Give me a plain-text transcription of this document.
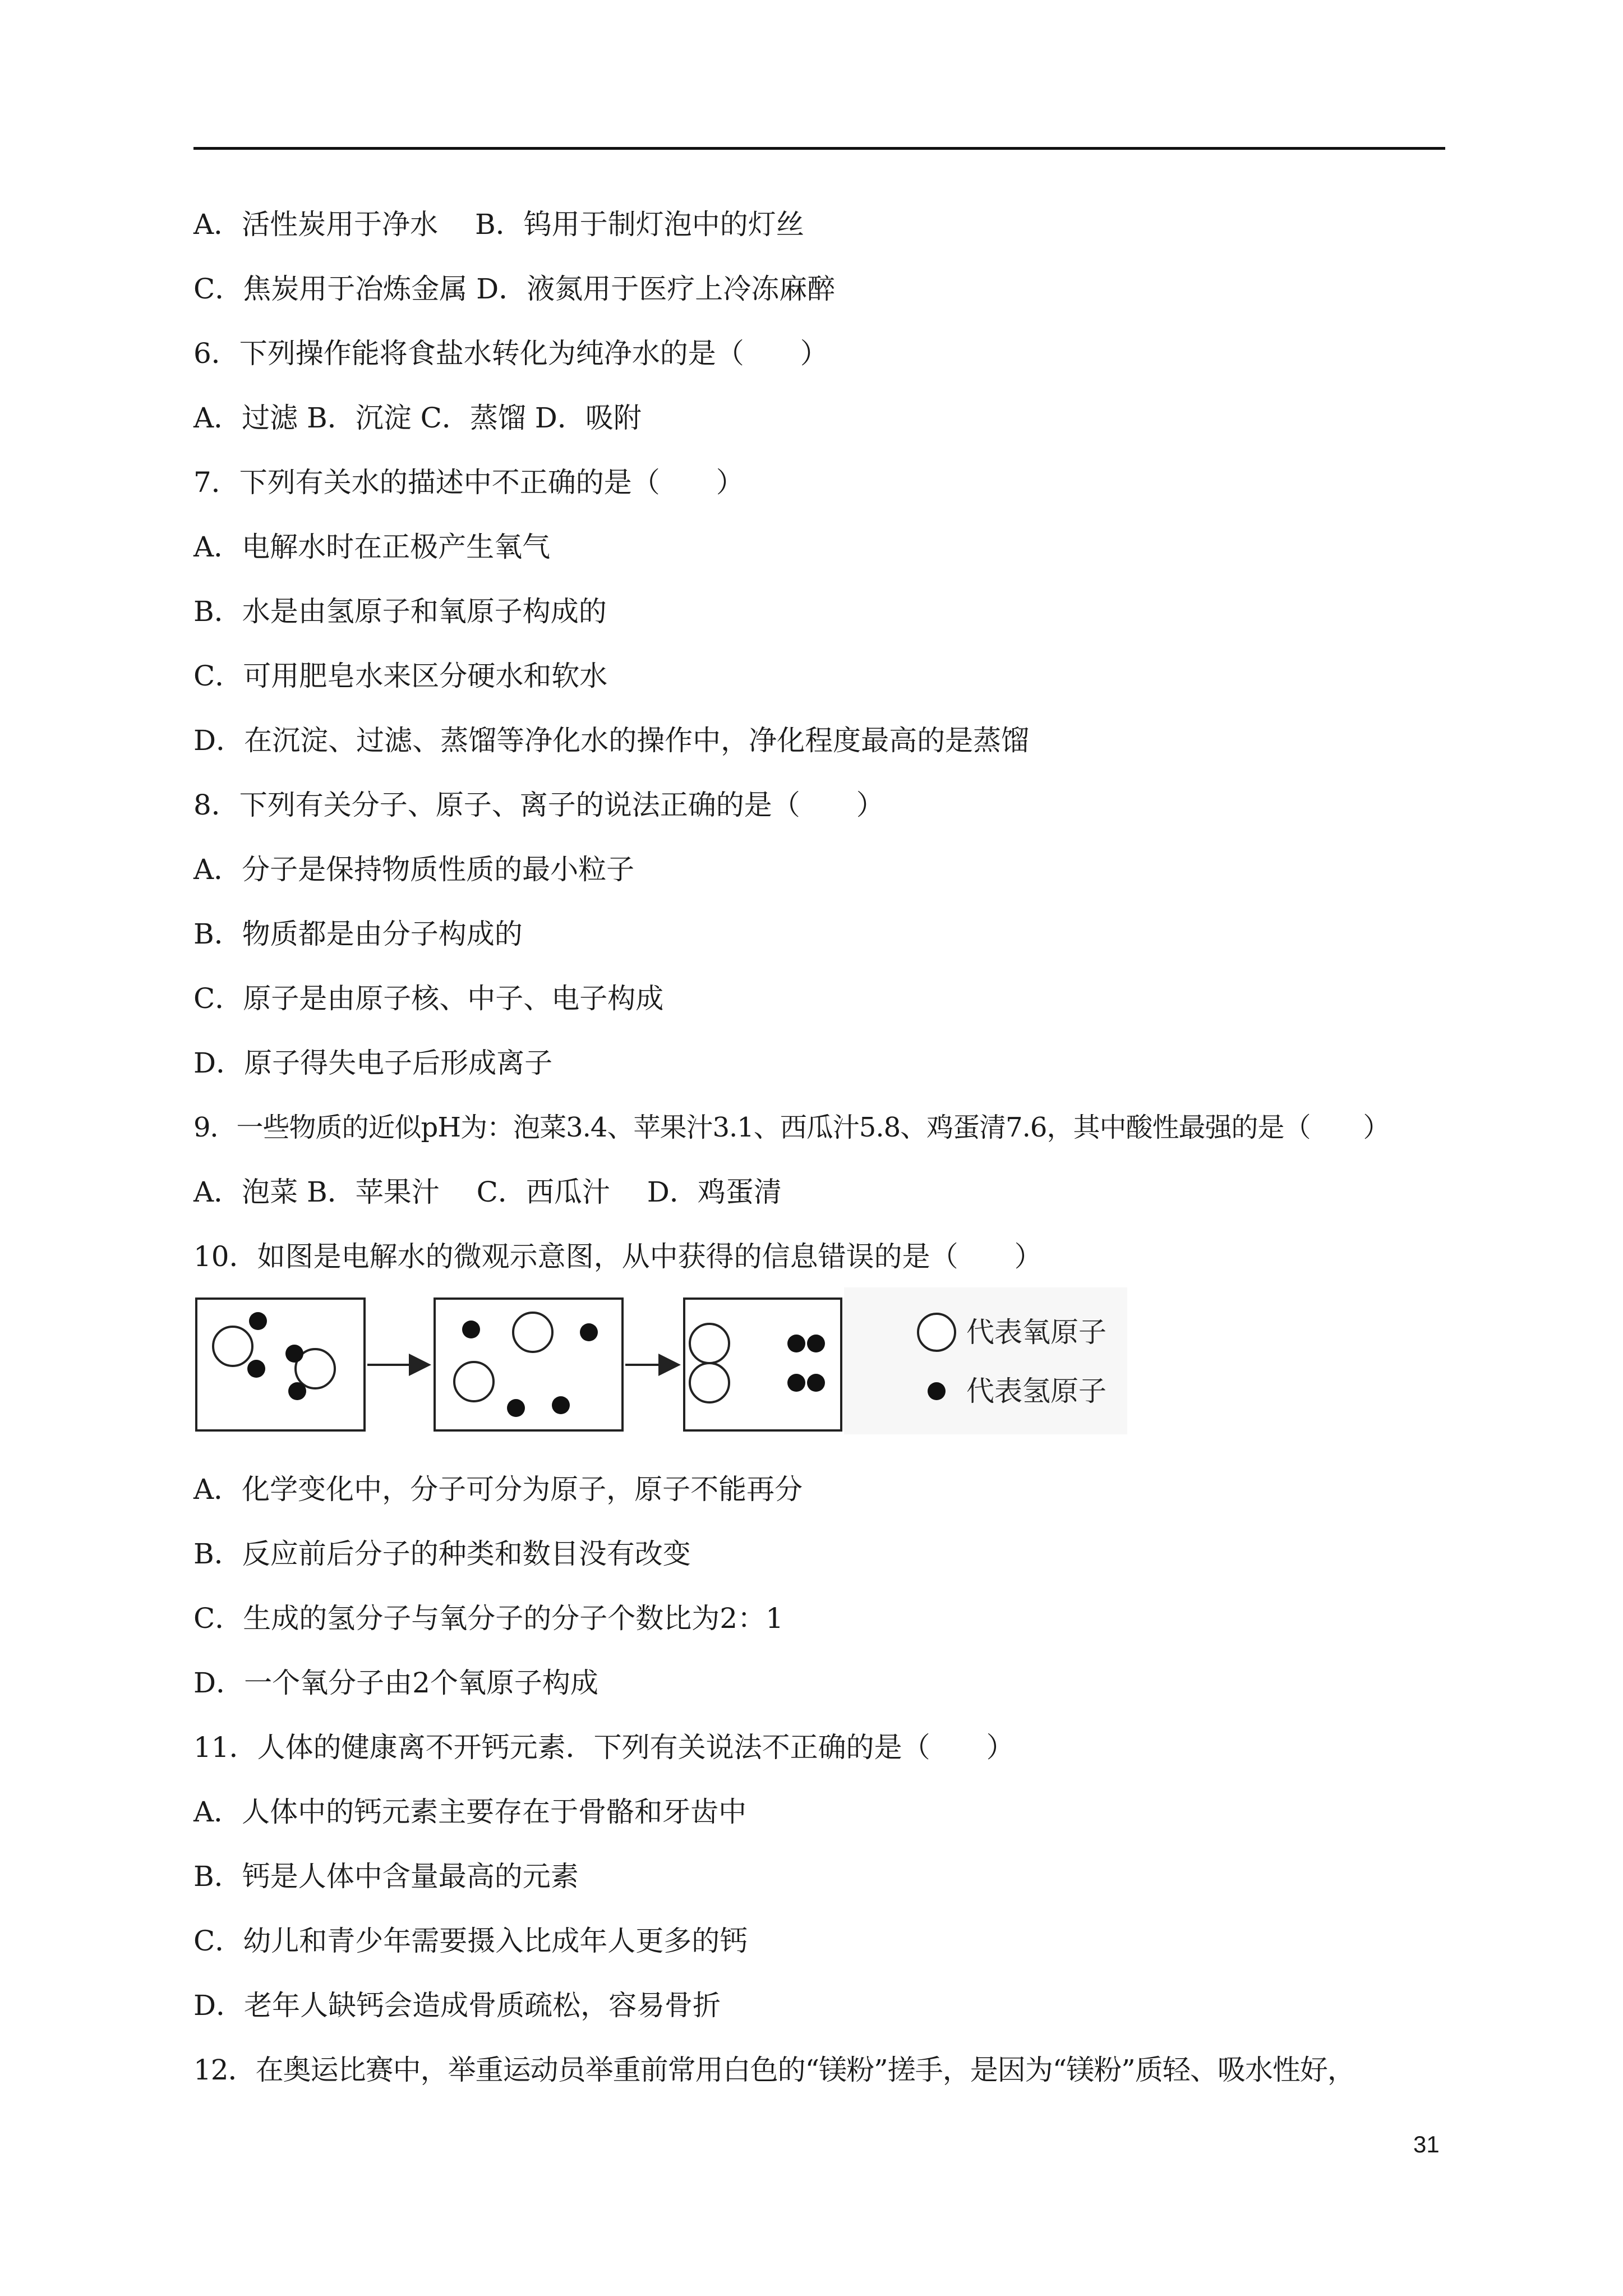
A．活性炭用于净水　 B．钨用于制灯泡中的灯丝
C．焦炭用于冶炼金属 D．液氮用于医疗上冷冻麻醉
6．下列操作能将食盐水转化为纯净水的是（　　）
A．过滤 B．沉淀 C．蒸馏 D．吸附
7．下列有关水的描述中不正确的是（　　）
A．电解水时在正极产生氧气
B．水是由氢原子和氧原子构成的
C．可用肥皂水来区分硬水和软水
D．在沉淀、过滤、蒸馏等净化水的操作中，净化程度最高的是蒸馏
8．下列有关分子、原子、离子的说法正确的是（　　）
A．分子是保持物质性质的最小粒子
B．物质都是由分子构成的
C．原子是由原子核、中子、电子构成
D．原子得失电子后形成离子
9．一些物质的近似pH为：泡菜3.4、苹果汁3.1、西瓜汁5.8、鸡蛋清7.6，其中酸性最强的是（　　）
A．泡菜 B．苹果汁　 C．西瓜汁　 D．鸡蛋清
10．如图是电解水的微观示意图，从中获得的信息错误的是（　　）
代表氧原子
代表氢原子
A．化学变化中，分子可分为原子，原子不能再分
B．反应前后分子的种类和数目没有改变
C．生成的氢分子与氧分子的分子个数比为2：1
D．一个氧分子由2个氧原子构成
11．人体的健康离不开钙元素．下列有关说法不正确的是（　　）
A．人体中的钙元素主要存在于骨骼和牙齿中
B．钙是人体中含量最高的元素
C．幼儿和青少年需要摄入比成年人更多的钙
D．老年人缺钙会造成骨质疏松，容易骨折
12．在奥运比赛中，举重运动员举重前常用白色的“镁粉”搓手，是因为“镁粉”质轻、吸水性好，
31
